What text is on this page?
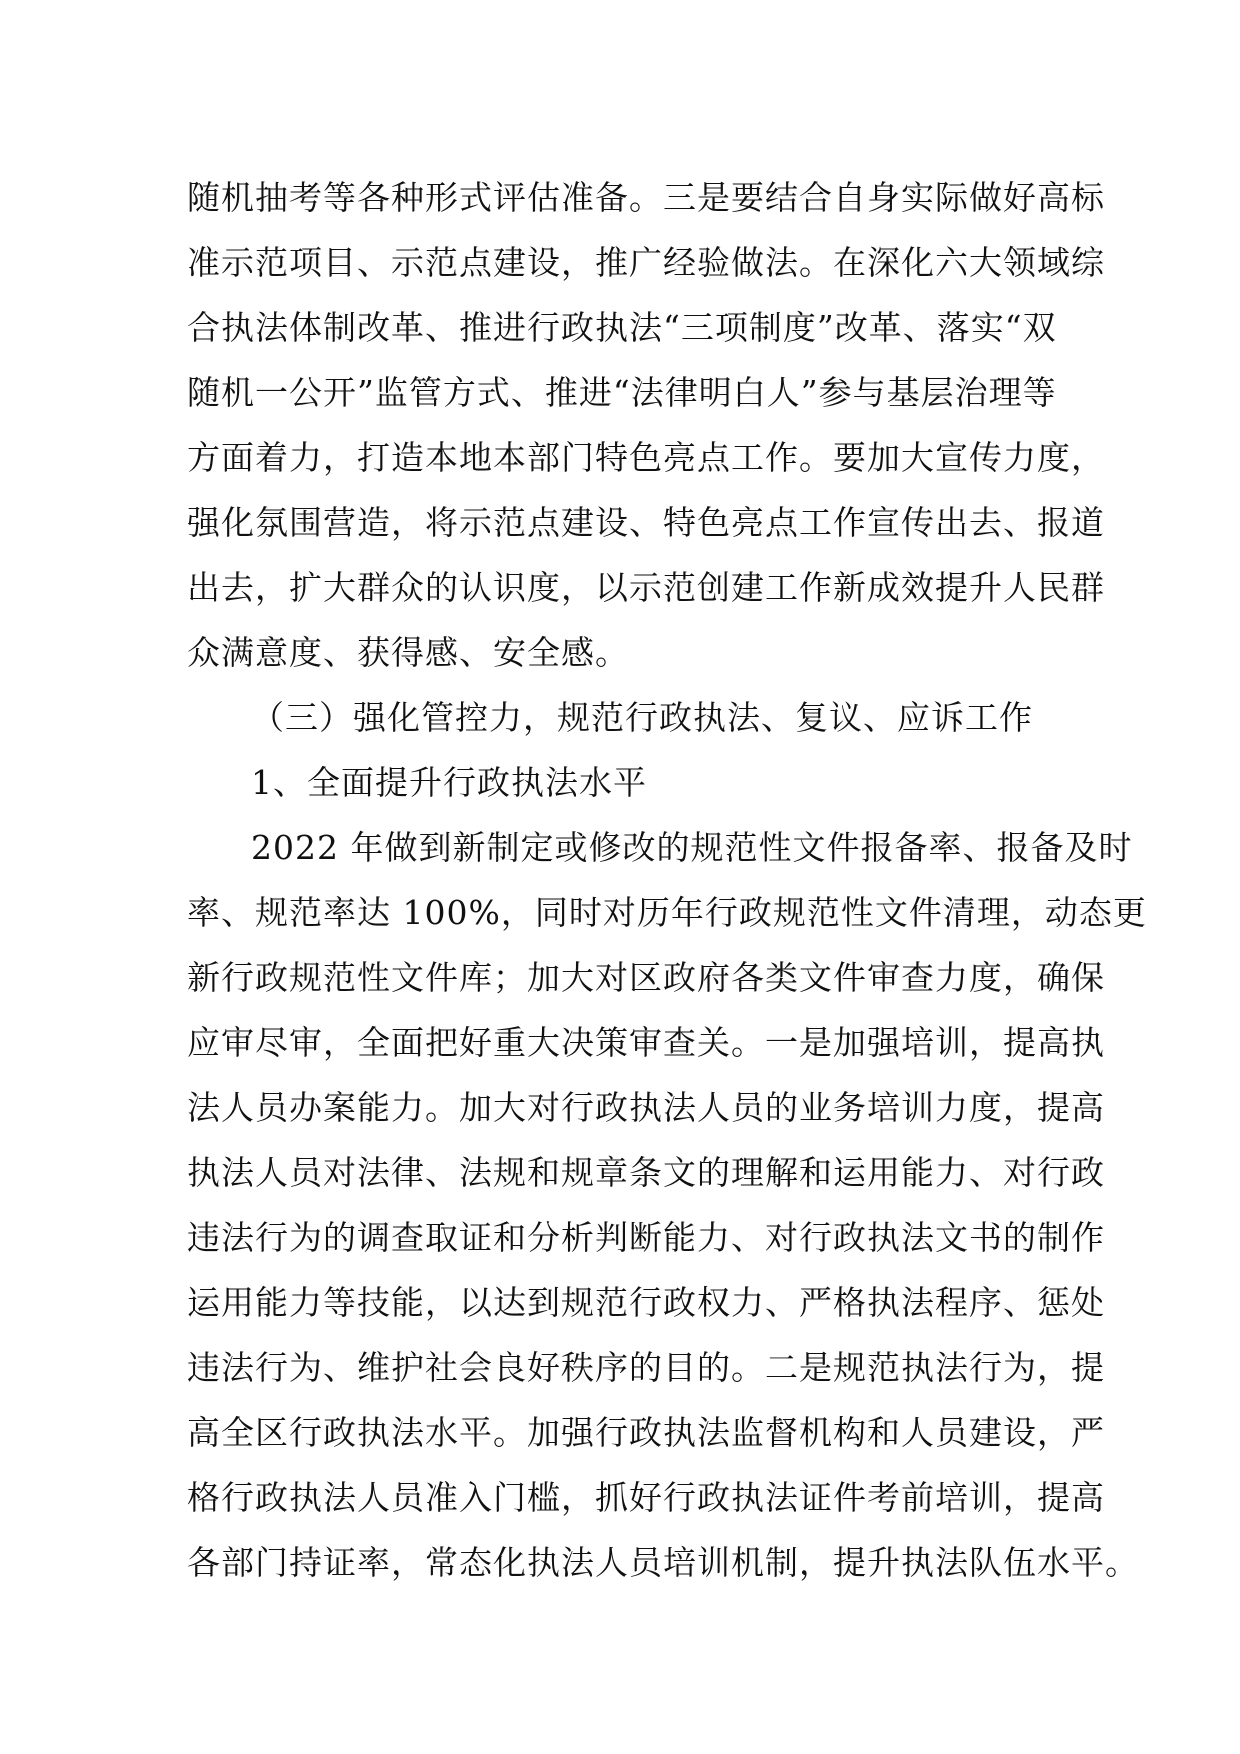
随机抽考等各种形式评估准备。三是要结合自身实际做好高标
准示范项目、示范点建设，推广经验做法。在深化六大领域综
合执法体制改革、推进行政执法“三项制度”改革、落实“双
随机一公开”监管方式、推进“法律明白人”参与基层治理等
方面着力，打造本地本部门特色亮点工作。要加大宣传力度，
强化氛围营造，将示范点建设、特色亮点工作宣传出去、报道
出去，扩大群众的认识度，以示范创建工作新成效提升人民群
众满意度、获得感、安全感。
（三）强化管控力，规范行政执法、复议、应诉工作
1、全面提升行政执法水平
2022 年做到新制定或修改的规范性文件报备率、报备及时
率、规范率达 100%，同时对历年行政规范性文件清理，动态更
新行政规范性文件库；加大对区政府各类文件审查力度，确保
应审尽审，全面把好重大决策审查关。一是加强培训，提高执
法人员办案能力。加大对行政执法人员的业务培训力度，提高
执法人员对法律、法规和规章条文的理解和运用能力、对行政
违法行为的调查取证和分析判断能力、对行政执法文书的制作
运用能力等技能，以达到规范行政权力、严格执法程序、惩处
违法行为、维护社会良好秩序的目的。二是规范执法行为，提
高全区行政执法水平。加强行政执法监督机构和人员建设，严
格行政执法人员准入门槛，抓好行政执法证件考前培训，提高
各部门持证率，常态化执法人员培训机制，提升执法队伍水平。
